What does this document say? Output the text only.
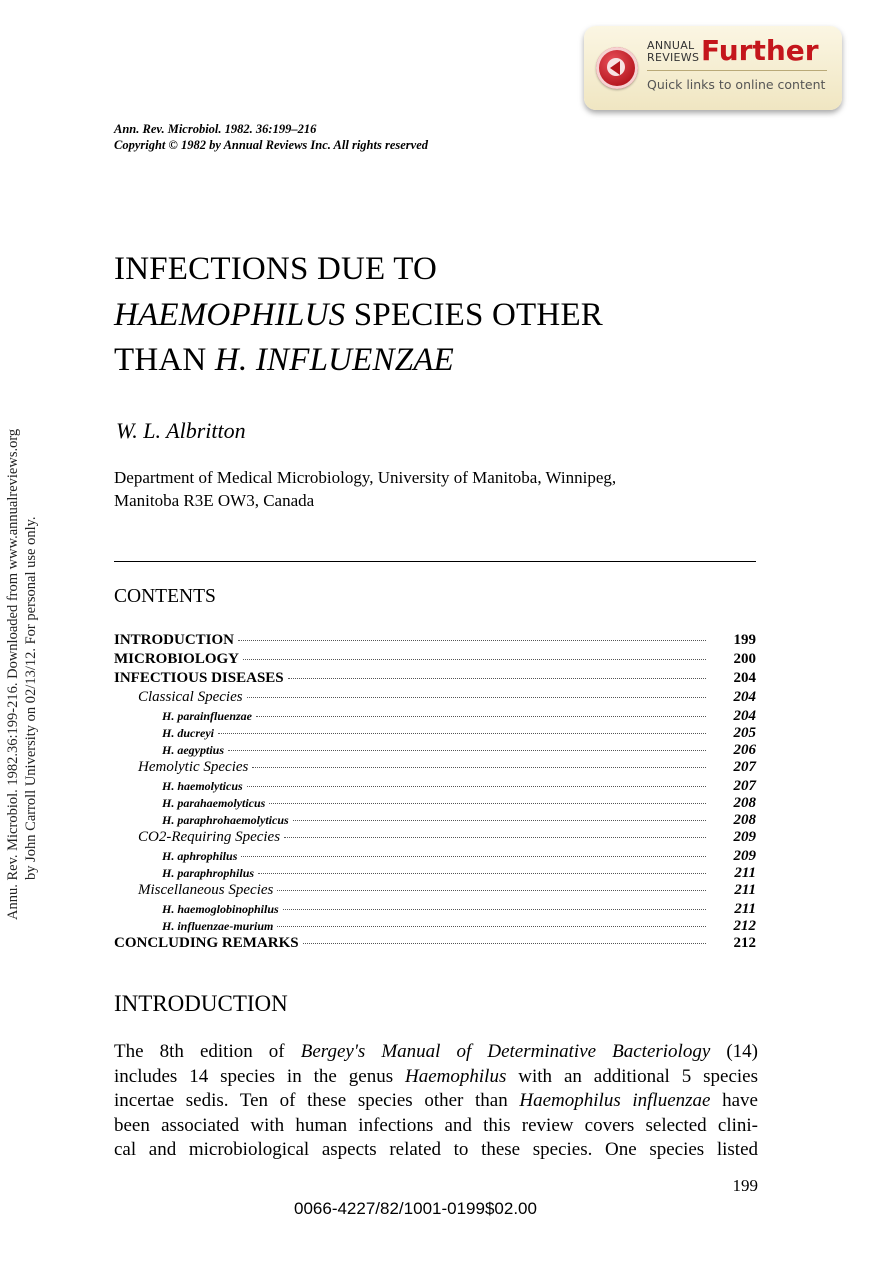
ANNUAL
REVIEWS Further
Quick links to online content
Annu. Rev. Microbiol. 1982.36:199-216. Downloaded from www.annualreviews.org by John Carroll University on 02/13/12. For personal use only.
Ann. Rev. Microbiol. 1982. 36:199–216
Copyright © 1982 by Annual Reviews Inc. All rights reserved
INFECTIONS DUE TO
HAEMOPHILUS SPECIES OTHER
THAN H. INFLUENZAE
W. L. Albritton
Department of Medical Microbiology, University of Manitoba, Winnipeg,
Manitoba R3E OW3, Canada
CONTENTS
INTRODUCTION	199
MICROBIOLOGY	200
INFECTIOUS DISEASES	204
Classical Species	204
H. parainfluenzae	204
H. ducreyi	205
H. aegyptius	206
Hemolytic Species	207
H. haemolyticus	207
H. parahaemolyticus	208
H. paraphrohaemolyticus	208
CO2-Requiring Species	209
H. aphrophilus	209
H. paraphrophilus	211
Miscellaneous Species	211
H. haemoglobinophilus	211
H. influenzae-murium	212
CONCLUDING REMARKS	212
INTRODUCTION
The 8th edition of Bergey's Manual of Determinative Bacteriology (14)
includes 14 species in the genus Haemophilus with an additional 5 species
incertae sedis. Ten of these species other than Haemophilus influenzae have
been associated with human infections and this review covers selected clini-
cal and microbiological aspects related to these species. One species listed
199
0066-4227/82/1001-0199$02.00
